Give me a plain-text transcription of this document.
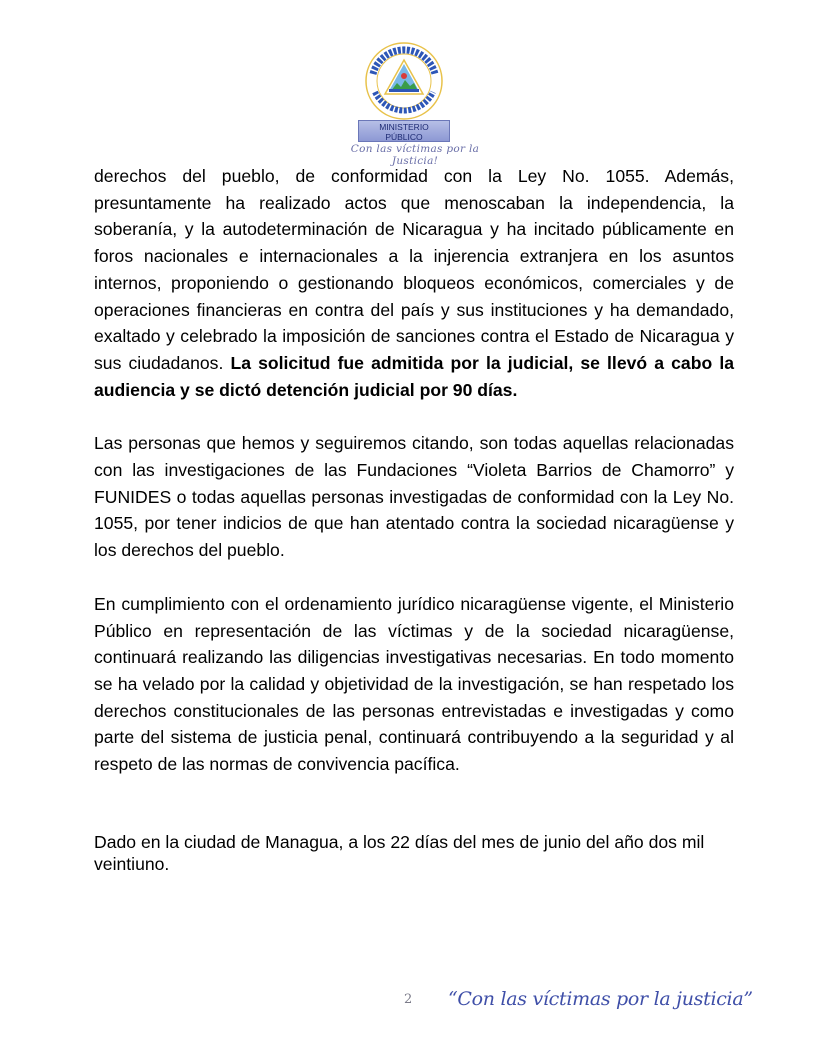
MINISTERIO
PÚBLICO
Con las víctimas por la Justicia!

derechos del pueblo, de conformidad con la Ley No. 1055. Además, presuntamente ha realizado actos que menoscaban la independencia, la soberanía, y la autodeterminación de Nicaragua y ha incitado públicamente en foros nacionales e internacionales a la injerencia extranjera en los asuntos internos, proponiendo o gestionando bloqueos económicos, comerciales y de operaciones financieras en contra del país y sus instituciones y ha demandado, exaltado y celebrado la imposición de sanciones contra el Estado de Nicaragua y sus ciudadanos. La solicitud fue admitida por la judicial, se llevó a cabo la audiencia y se dictó detención judicial por 90 días.

Las personas que hemos y seguiremos citando, son todas aquellas relacionadas con las investigaciones de las Fundaciones “Violeta Barrios de Chamorro” y FUNIDES o todas aquellas personas investigadas de conformidad con la Ley No. 1055, por tener indicios de que han atentado contra la sociedad nicaragüense y los derechos del pueblo.

En cumplimiento con el ordenamiento jurídico nicaragüense vigente, el Ministerio Público en representación de las víctimas y de la sociedad nicaragüense, continuará realizando las diligencias investigativas necesarias. En todo momento se ha velado por la calidad y objetividad de la investigación, se han respetado los derechos constitucionales de las personas entrevistadas e investigadas y como parte del sistema de justicia penal, continuará contribuyendo a la seguridad y al respeto de las normas de convivencia pacífica.

Dado en la ciudad de Managua, a los 22 días del mes de junio del año dos mil veintiuno.

2 “Con las víctimas por la justicia”
